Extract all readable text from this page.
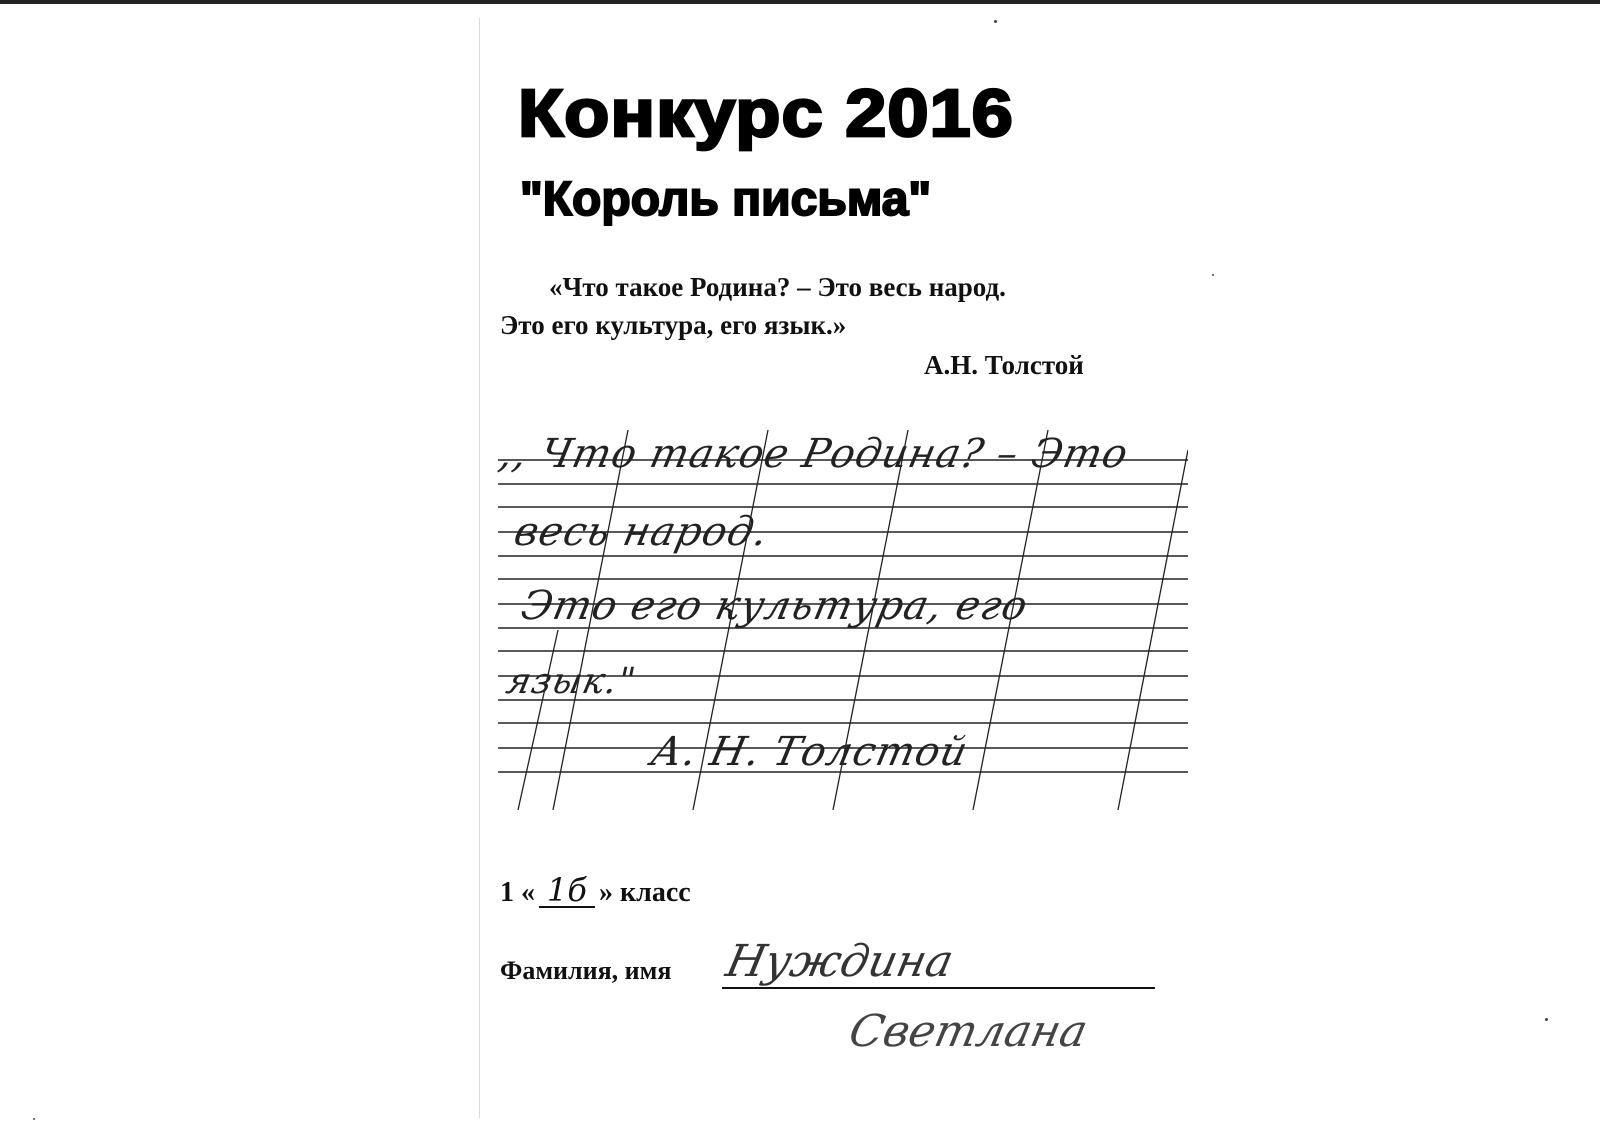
Конкурс 2016
"Король письма"
«Что такое Родина? – Это весь народ.
Это его культура, его язык.»
А.Н. Толстой
,, Что такое Родина? – Это
весь народ.
Это его культура, его
язык."
А. Н. Толстой
1 « 1б » класс
Фамилия, имя Нуждина
Светлана
